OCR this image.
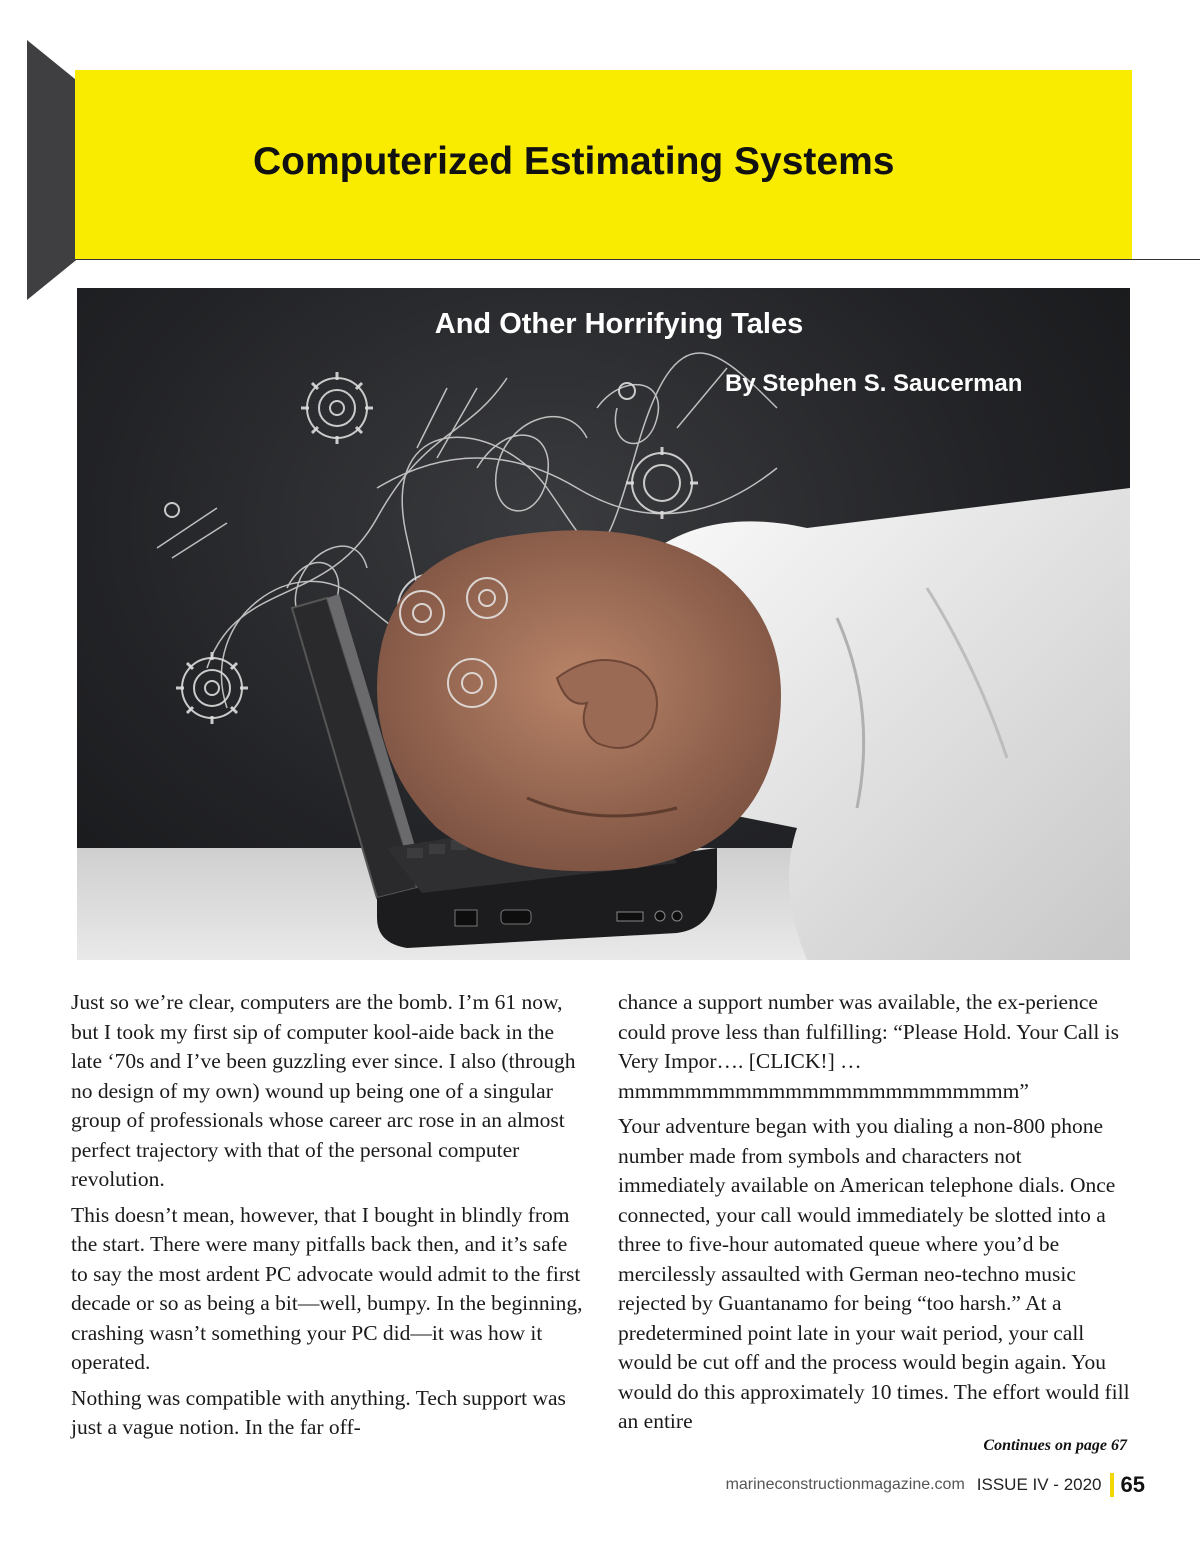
Computerized Estimating Systems
And Other Horrifying Tales

By Stephen S. Saucerman

Just so we’re clear, computers are the bomb. I’m 61 now, but I took my first sip of computer kool-aide back in the late ‘70s and I’ve been guzzling ever since. I also (through no design of my own) wound up being one of a singular group of professionals whose career arc rose in an almost perfect trajectory with that of the personal computer revolution.

This doesn’t mean, however, that I bought in blindly from the start. There were many pitfalls back then, and it’s safe to say the most ardent PC advocate would admit to the first decade or so as being a bit—well, bumpy. In the beginning, crashing wasn’t something your PC did—it was how it operated.

Nothing was compatible with anything. Tech support was just a vague notion. In the far off-

chance a support number was available, the ex-perience could prove less than fulfilling: “Please Hold. Your Call is Very Impor…. [CLICK!] … mmmmmmmmmmmmmmmmmmmmmmmm”

Your adventure began with you dialing a non-800 phone number made from symbols and characters not immediately available on American telephone dials. Once connected, your call would immediately be slotted into a three to five-hour automated queue where you’d be mercilessly assaulted with German neo-techno music rejected by Guantanamo for being “too harsh.” At a predetermined point late in your wait period, your call would be cut off and the process would begin again. You would do this approximately 10 times. The effort would fill an entire

Continues on page 67

marineconstructionmagazine.com ISSUE IV - 2020 65
